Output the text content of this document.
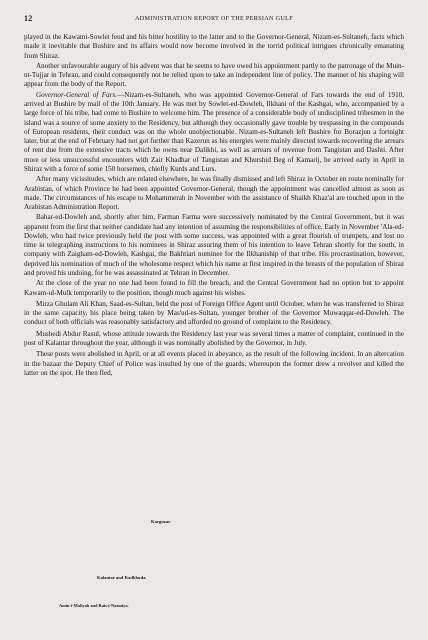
12	ADMINISTRATION REPORT OF THE PERSIAN GULF

played in the Kawami-Sowlet feud and his bitter hostility to the latter and to the Governor-General, Nizam-es-Sultaneh, facts which made it inevitable that Bushire and its affairs would now become involved in the torrid political intrigues chronically emanating from Shiraz.

Another unfavourable augury of his advent was that he seems to have owed his appointment partly to the patronage of the Muin-ut-Tujjar in Tehran, and could consequently not be relied upon to take an independent line of policy. The manner of his shaping will appear from the body of the Report.

Governor-General of Fars.—Nizam-es-Sultaneh, who was appointed Governor-General of Fars towards the end of 1910, arrived at Bushire by mail of the 10th January. He was met by Sowlet-ed-Dowleh, Ilkhani of the Kashgai, who, accompanied by a large force of his tribe, had come to Bushire to welcome him. The presence of a considerable body of undisciplined tribesmen in the island was a source of some anxiety to the Residency, but although they occasionally gave trouble by trespassing in the compounds of European residents, their conduct was on the whole unobjectionable. Nizam-es-Sultaneh left Bushire for Borazjun a fortnight later, but at the end of February had not got further than Kazerun as his energies were mainly directed towards recovering the arrears of rent due from the extensive tracts which he owns near Dalikhi, as well as arrears of revenue from Tangistan and Dashti. After more or less unsuccessful encounters with Zair Khadhar of Tangistan and Khurshid Beg of Kamarij, he arrived early in April in Shiraz with a force of some 150 horsemen, chiefly Kurds and Lurs.

After many vicissitudes, which are related elsewhere, he was finally dismissed and left Shiraz in October en route nominally for Arabistan, of which Province he had been appointed Governor-General, though the appointment was cancelled almost as soon as made. The circumstances of his escape to Mohammerah in November with the assistance of Shaikh Khaz'al are touched upon in the Arabistan Administration Report.

Bahar-ed-Dowleh and, shortly after him, Farman Farma were successively nominated by the Central Government, but it was apparent from the first that neither candidate had any intention of assuming the responsibilities of office. Early in November 'Ala-ed-Dowleh, who had twice previously held the post with some success, was appointed with a great flourish of trumpets, and lost no time in telegraphing instructions to his nominees in Shiraz assuring them of his intention to leave Tehran shortly for the south, in company with Zaigham-ed-Dowleh, Kashgai, the Bakhtiari nominee for the Ilkhaniship of that tribe. His procrastination, however, deprived his nomination of much of the wholesome respect which his name at first inspired in the breasts of the population of Shiraz and proved his undoing, for he was assassinated at Tehran in December.

At the close of the year no one had been found to fill the breach, and the Central Government had no option but to appoint Kawam-ul-Mulk temporarily to the position, though much against his wishes.

Mirza Ghulam Ali Khan, Saad-es-Sultan, held the post of Foreign Office Agent until October, when he was transferred to Shiraz in the same capacity, his place being taken by Mas'ud-es-Sultan, younger brother of the Governor Muwaqqar-ed-Dowleh. The conduct of both officials was reasonably satisfactory and afforded no ground of complaint to the Residency.

Musbedi Abdur Rasul, whose attitude towards the Residency last year was several times a matter of complaint, continued in the post of Kalantar throughout the year, although it was nominally abolished by the Governor, in July.

These posts were abolished in April, or at all events placed in abeyance, as the result of the following incident. In an altercation in the bazaar the Deputy Chief of Police was insulted by one of the guards, whereupon the former drew a revolver and killed the latter on the spot. He then fled,

Karguzar.
Kalantar and Kadkhuda.
Amin-i-Maliyah and Rais-i-Nazmiya.
